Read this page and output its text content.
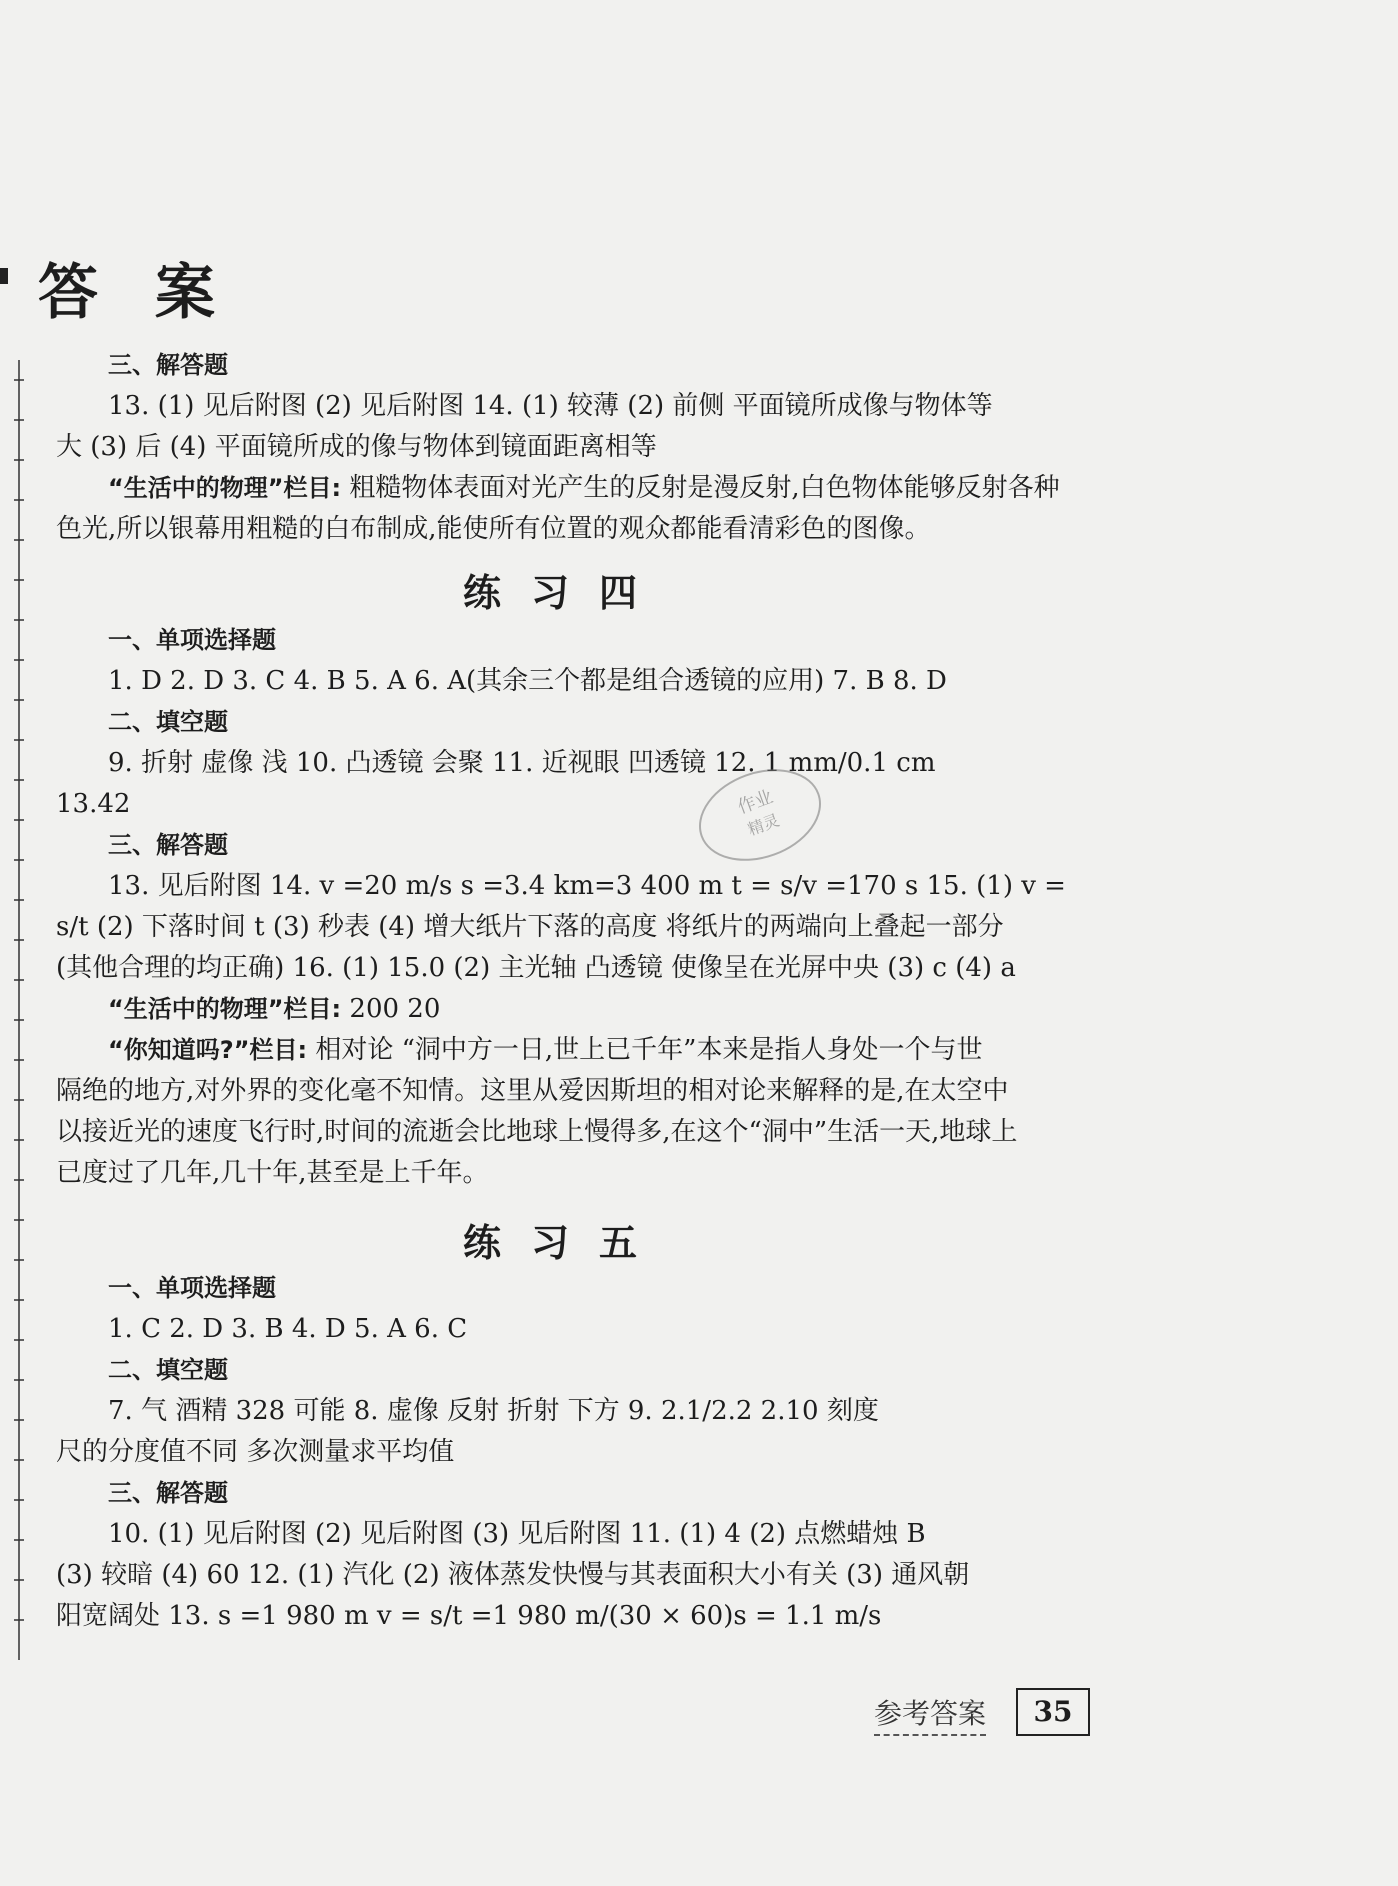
答 案

三、解答题

13. (1) 见后附图 (2) 见后附图 14. (1) 较薄 (2) 前侧 平面镜所成像与物体等

大 (3) 后 (4) 平面镜所成的像与物体到镜面距离相等

“生活中的物理”栏目: 粗糙物体表面对光产生的反射是漫反射,白色物体能够反射各种

色光,所以银幕用粗糙的白布制成,能使所有位置的观众都能看清彩色的图像。

练习四

一、单项选择题

1. D 2. D 3. C 4. B 5. A 6. A(其余三个都是组合透镜的应用) 7. B 8. D

二、填空题

9. 折射 虚像 浅 10. 凸透镜 会聚 11. 近视眼 凹透镜 12. 1 mm/0.1 cm

13.42

三、解答题

13. 见后附图 14. v =20 m/s s =3.4 km=3 400 m t = s/v =170 s 15. (1) v =

s/t (2) 下落时间 t (3) 秒表 (4) 增大纸片下落的高度 将纸片的两端向上叠起一部分

(其他合理的均正确) 16. (1) 15.0 (2) 主光轴 凸透镜 使像呈在光屏中央 (3) c (4) a

“生活中的物理”栏目: 200 20

“你知道吗?”栏目: 相对论 “洞中方一日,世上已千年”本来是指人身处一个与世

隔绝的地方,对外界的变化毫不知情。这里从爱因斯坦的相对论来解释的是,在太空中

以接近光的速度飞行时,时间的流逝会比地球上慢得多,在这个“洞中”生活一天,地球上

已度过了几年,几十年,甚至是上千年。

练习五

一、单项选择题

1. C 2. D 3. B 4. D 5. A 6. C

二、填空题

7. 气 酒精 328 可能 8. 虚像 反射 折射 下方 9. 2.1/2.2 2.10 刻度

尺的分度值不同 多次测量求平均值

三、解答题

10. (1) 见后附图 (2) 见后附图 (3) 见后附图 11. (1) 4 (2) 点燃蜡烛 B

(3) 较暗 (4) 60 12. (1) 汽化 (2) 液体蒸发快慢与其表面积大小有关 (3) 通风朝

阳宽阔处 13. s =1 980 m v = s/t =1 980 m/(30 × 60)s = 1.1 m/s

作业
精灵
参考答案	35
